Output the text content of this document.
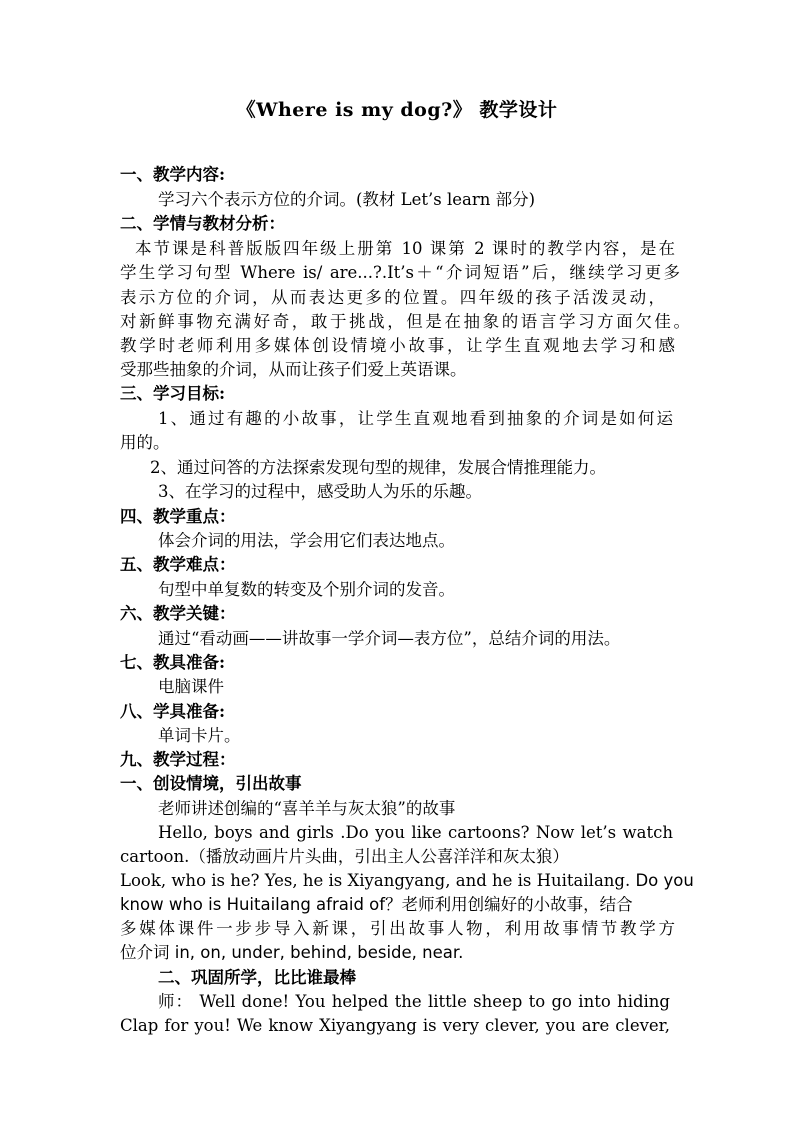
《Where is my dog?》 教学设计
一、教学内容:
学习六个表示方位的介词。(教材 Let’s learn 部分)
二、学情与教材分析：
本节课是科普版版四年级上册第 10 课第 2 课时的教学内容，是在
学生学习句型 Where is/ are...?.It’s＋“介词短语”后，继续学习更多
表示方位的介词，从而表达更多的位置。四年级的孩子活泼灵动，
对新鲜事物充满好奇，敢于挑战，但是在抽象的语言学习方面欠佳。
教学时老师利用多媒体创设情境小故事，让学生直观地去学习和感
受那些抽象的介词，从而让孩子们爱上英语课。
三、学习目标:
1、通过有趣的小故事，让学生直观地看到抽象的介词是如何运
用的。
2、通过问答的方法探索发现句型的规律，发展合情推理能力。
3、在学习的过程中，感受助人为乐的乐趣。
四、教学重点：
体会介词的用法，学会用它们表达地点。
五、教学难点：
句型中单复数的转变及个别介词的发音。
六、教学关键：
通过“看动画——讲故事一学介词—表方位”，总结介词的用法。
七、教具准备:
电脑课件
八、学具准备:
单词卡片。
九、教学过程：
一、创设情境，引出故事
老师讲述创编的“喜羊羊与灰太狼”的故事
Hello, boys and girls .Do you like cartoons? Now let’s watch
cartoon.（播放动画片片头曲，引出主人公喜洋洋和灰太狼）
Look, who is he? Yes, he is Xiyangyang, and he is Huitailang. Do you
know who is Huitailang afraid of？老师利用创编好的小故事，结合
多媒体课件一步步导入新课，引出故事人物，利用故事情节教学方
位介词 in, on, under, behind, beside, near.
二、巩固所学，比比谁最棒
师： Well done! You helped the little sheep to go into hiding
Clap for you! We know Xiyangyang is very clever, you are clever,
